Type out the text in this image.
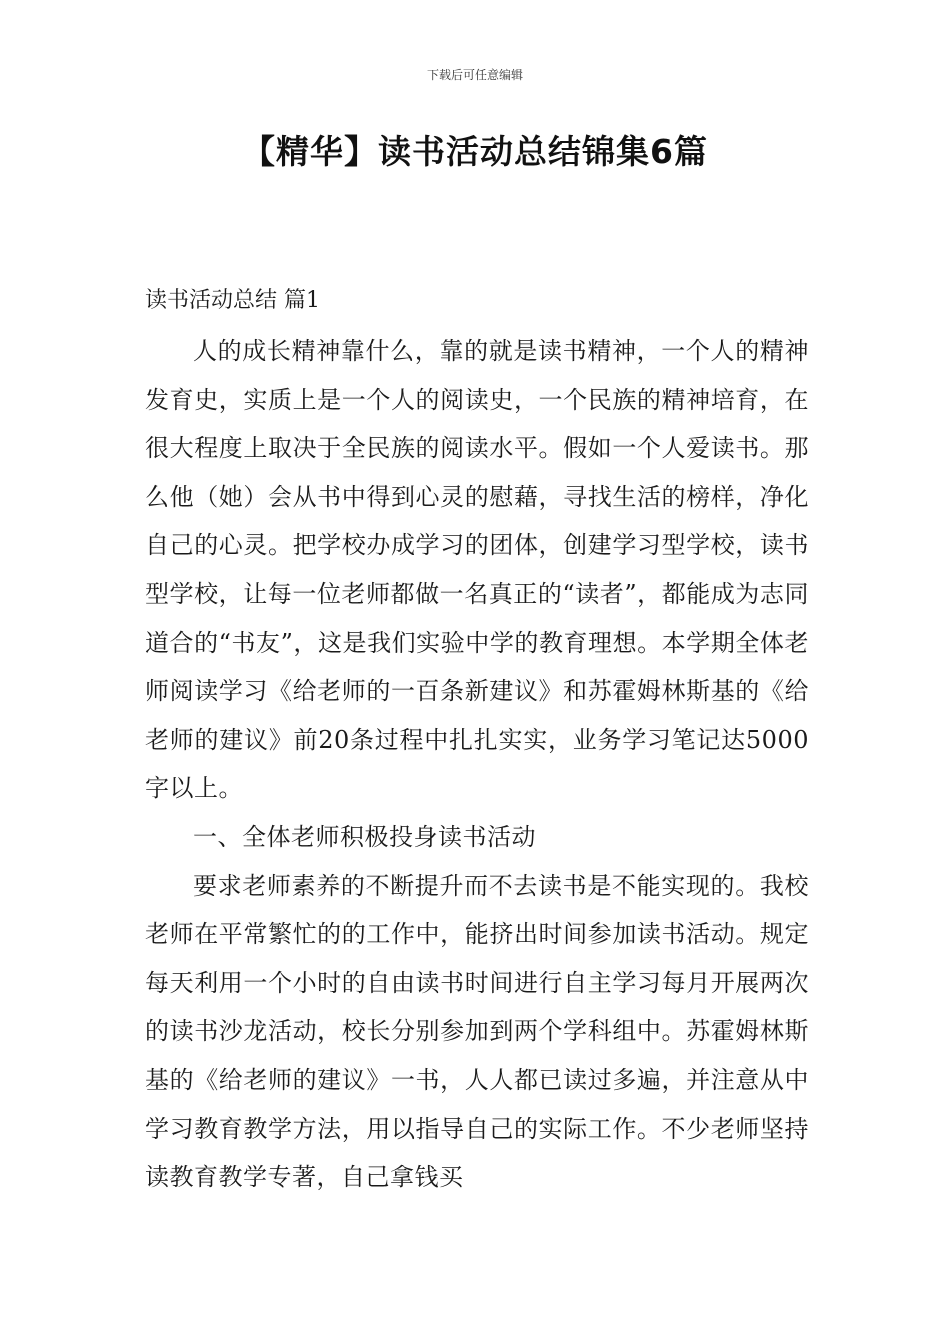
下载后可任意编辑
【精华】读书活动总结锦集6篇
读书活动总结 篇1

人的成长精神靠什么，靠的就是读书精神，一个人的精神发育史，实质上是一个人的阅读史，一个民族的精神培育，在很大程度上取决于全民族的阅读水平。假如一个人爱读书。那么他（她）会从书中得到心灵的慰藉，寻找生活的榜样，净化自己的心灵。把学校办成学习的团体，创建学习型学校，读书型学校，让每一位老师都做一名真正的“读者”，都能成为志同道合的“书友”，这是我们实验中学的教育理想。本学期全体老师阅读学习《给老师的一百条新建议》和苏霍姆林斯基的《给老师的建议》前20条过程中扎扎实实，业务学习笔记达5000字以上。

一、全体老师积极投身读书活动

要求老师素养的不断提升而不去读书是不能实现的。我校老师在平常繁忙的的工作中，能挤出时间参加读书活动。规定每天利用一个小时的自由读书时间进行自主学习每月开展两次的读书沙龙活动，校长分别参加到两个学科组中。苏霍姆林斯基的《给老师的建议》一书，人人都已读过多遍，并注意从中学习教育教学方法，用以指导自己的实际工作。不少老师坚持读教育教学专著，自己拿钱买
